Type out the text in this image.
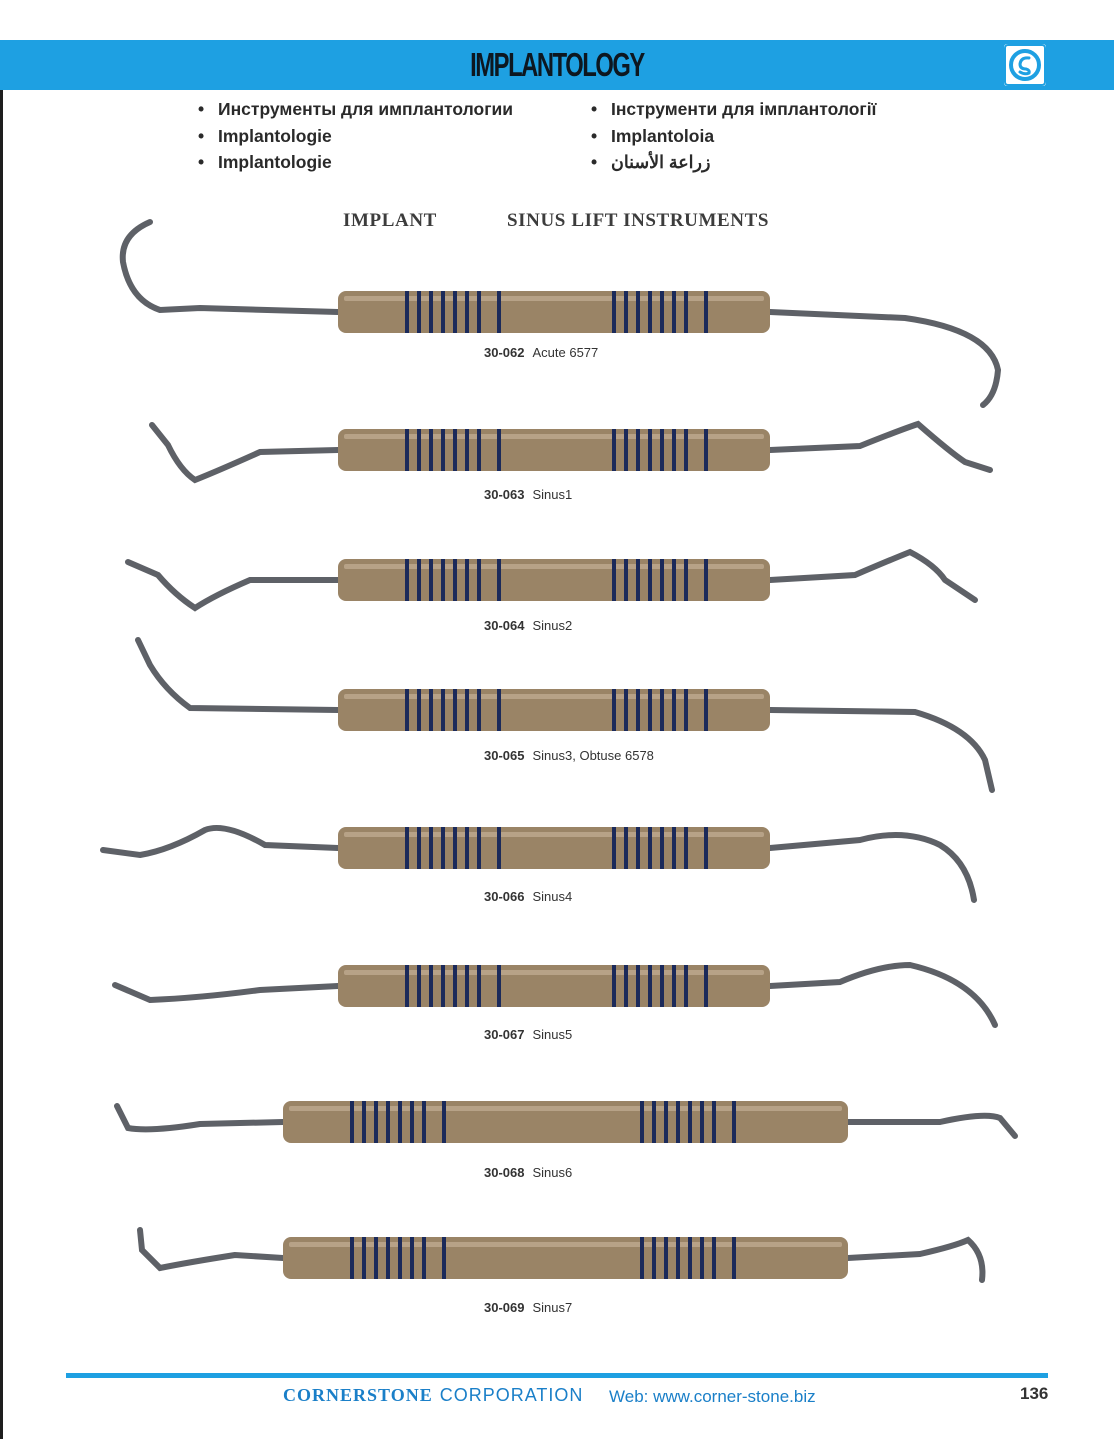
IMPLANTOLOGY
• Инструменты для имплантологии
• Implantologie
• Implantologie
• Інструменти для імплантології
• Implantoloia
• زراعة الأسنان
IMPLANT	SINUS LIFT INSTRUMENTS
30-062 Acute 6577
30-063 Sinus1
30-064 Sinus2
30-065 Sinus3, Obtuse 6578
30-066 Sinus4
30-067 Sinus5
30-068 Sinus6
30-069 Sinus7
CORNERSTONE CORPORATION Web: www.corner-stone.biz	136
